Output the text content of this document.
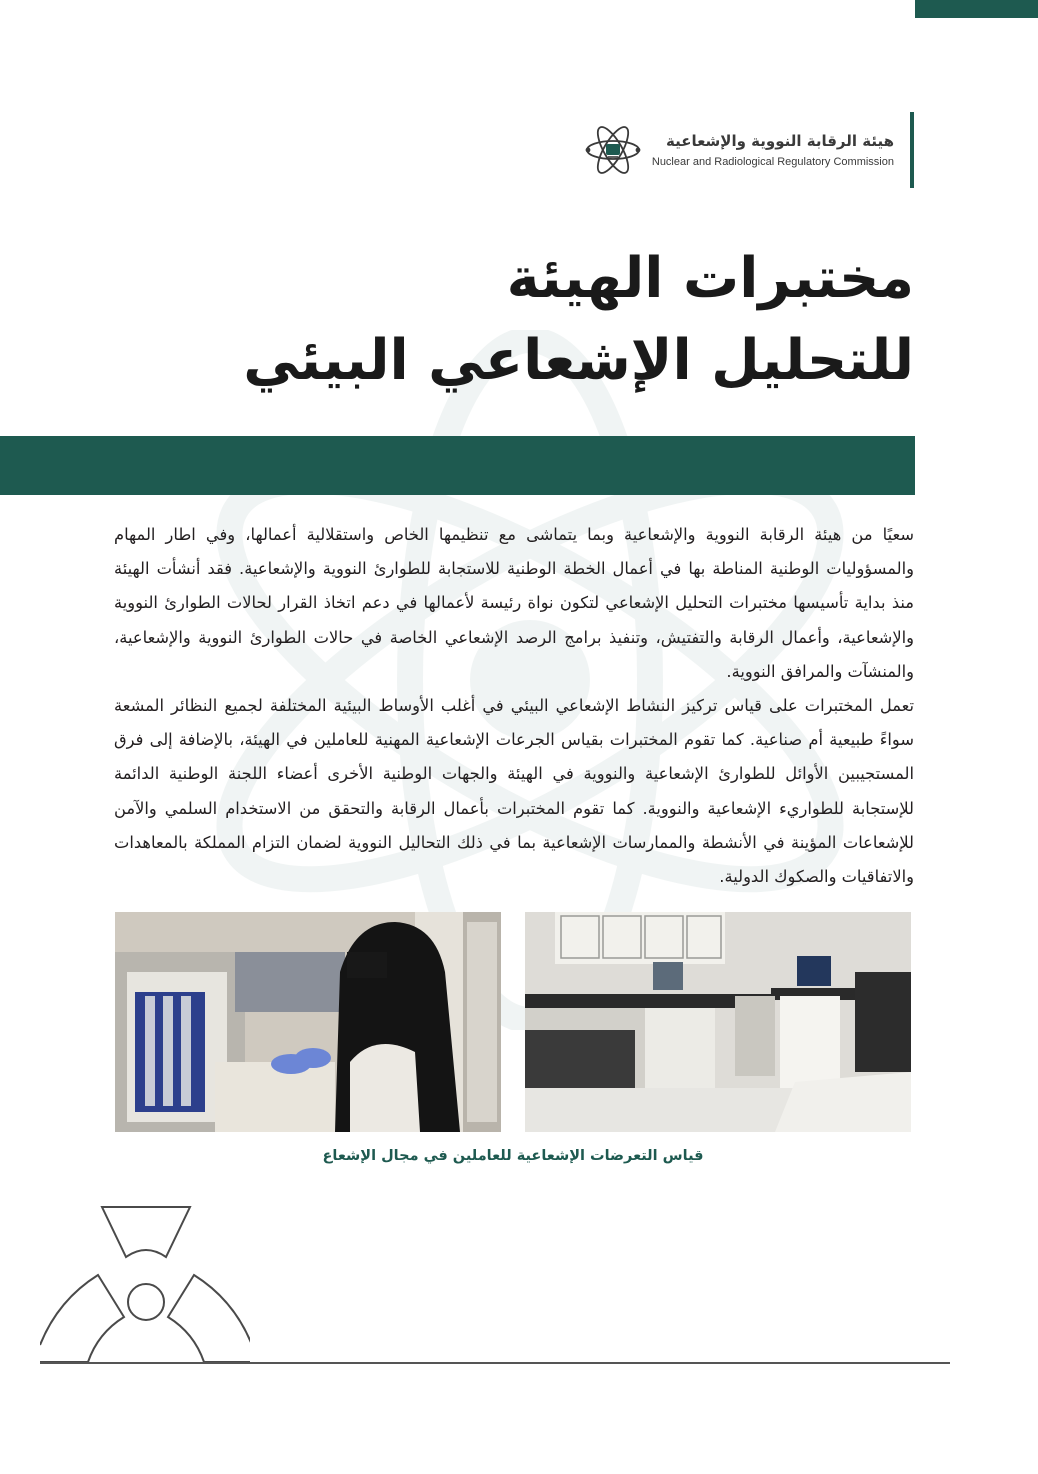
هيئة الرقابة النووية والإشعاعية
Nuclear and Radiological Regulatory Commission
مختبرات الهيئة
للتحليل الإشعاعي البيئي

سعيًا من هيئة الرقابة النووية والإشعاعية وبما يتماشى مع تنظيمها الخاص واستقلالية أعمالها، وفي اطار المهام والمسؤوليات الوطنية المناطة بها في أعمال الخطة الوطنية للاستجابة للطوارئ النووية والإشعاعية. فقد أنشأت الهيئة منذ بداية تأسيسها مختبرات التحليل الإشعاعي لتكون نواة رئيسة لأعمالها في دعم اتخاذ القرار لحالات الطوارئ النووية والإشعاعية، وأعمال الرقابة والتفتيش، وتنفيذ برامج الرصد الإشعاعي الخاصة في حالات الطوارئ النووية والإشعاعية، والمنشآت والمرافق النووية.

تعمل المختبرات على قياس تركيز النشاط الإشعاعي البيئي في أغلب الأوساط البيئية المختلفة لجميع النظائر المشعة سواءً طبيعية أم صناعية. كما تقوم المختبرات بقياس الجرعات الإشعاعية المهنية للعاملين في الهيئة، بالإضافة إلى فرق المستجيبين الأوائل للطوارئ الإشعاعية والنووية في الهيئة والجهات الوطنية الأخرى أعضاء اللجنة الوطنية الدائمة للإستجابة للطواريء الإشعاعية والنووية. كما تقوم المختبرات بأعمال الرقابة والتحقق من الاستخدام السلمي والآمن للإشعاعات المؤينة في الأنشطة والممارسات الإشعاعية بما في ذلك التحاليل النووية لضمان التزام المملكة بالمعاهدات والاتفاقيات والصكوك الدولية.

قياس التعرضات الإشعاعية للعاملين في مجال الإشعاع
